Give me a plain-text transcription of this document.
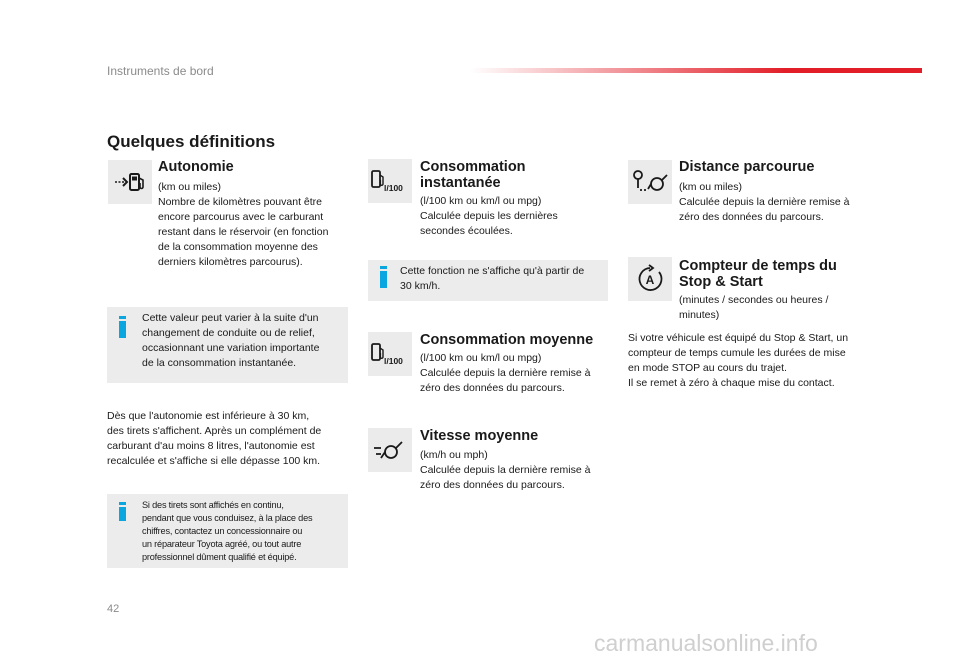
Instruments de bord
Quelques définitions
Autonomie
(km ou miles)
Nombre de kilomètres pouvant être
encore parcourus avec le carburant
restant dans le réservoir (en fonction
de la consommation moyenne des
derniers kilomètres parcourus).
Cette valeur peut varier à la suite d'un
changement de conduite ou de relief,
occasionnant une variation importante
de la consommation instantanée.
Dès que l'autonomie est inférieure à 30 km,
des tirets s'affichent. Après un complément de
carburant d'au moins 8 litres, l'autonomie est
recalculée et s'affiche si elle dépasse 100 km.
Si des tirets sont affichés en continu,
pendant que vous conduisez, à la place des
chiffres, contactez un concessionnaire ou
un réparateur Toyota agréé, ou tout autre
professionnel dûment qualifié et équipé.
l/100
Consommation
instantanée
(l/100 km ou km/l ou mpg)
Calculée depuis les dernières
secondes écoulées.
Cette fonction ne s'affiche qu'à partir de
30 km/h.
l/100
Consommation moyenne
(l/100 km ou km/l ou mpg)
Calculée depuis la dernière remise à
zéro des données du parcours.
Vitesse moyenne
(km/h ou mph)
Calculée depuis la dernière remise à
zéro des données du parcours.
Distance parcourue
(km ou miles)
Calculée depuis la dernière remise à
zéro des données du parcours.
A
Compteur de temps du
Stop & Start
(minutes / secondes ou heures /
minutes)
Si votre véhicule est équipé du Stop & Start, un
compteur de temps cumule les durées de mise
en mode STOP au cours du trajet.
Il se remet à zéro à chaque mise du contact.
42
carmanualsonline.info
